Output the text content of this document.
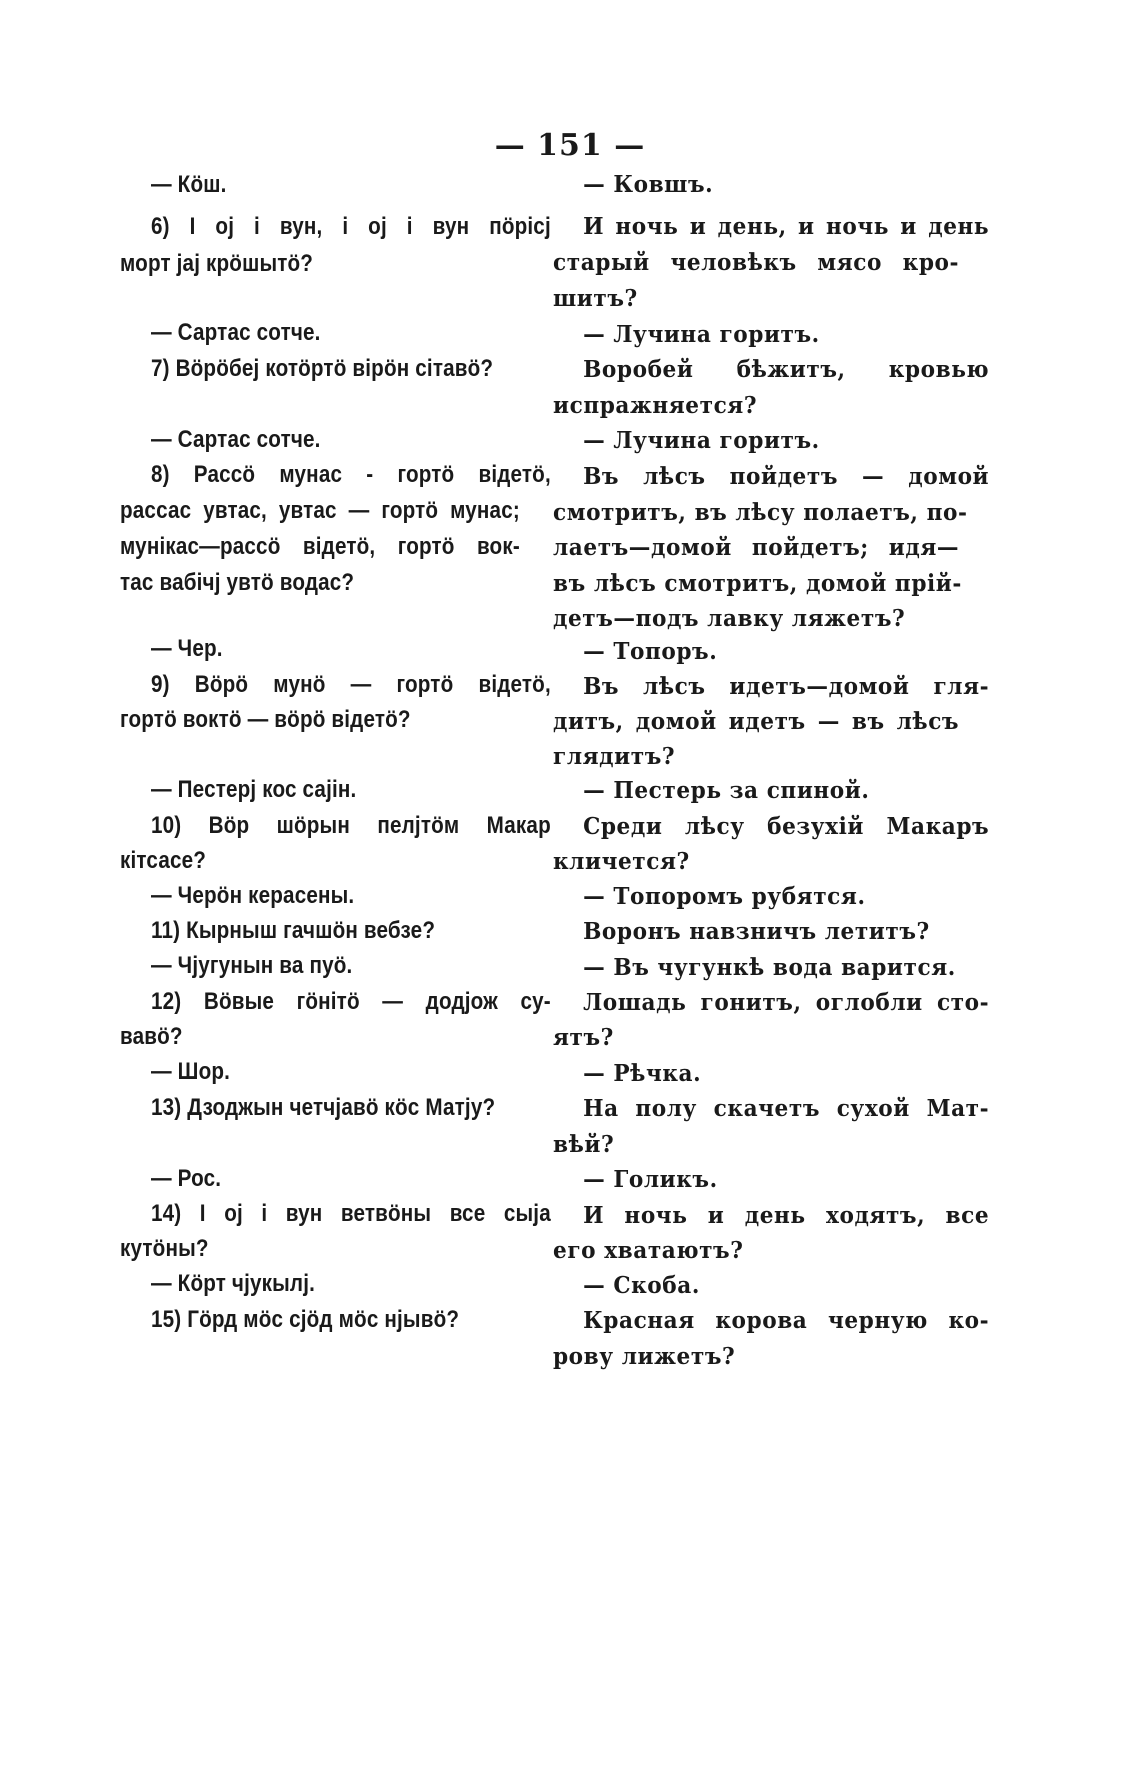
— 151 —
— Кöш.
6) I ој і вун, і ој і вун пöрісј
морт јај крöшытö?
— Сартас сотче.
7) Вöрöбеј котöртö вірöн сітавö?
— Сартас сотче.
8) Рассö мунас - гортö відетö,
рассас увтас, увтас — гортö мунас;
мунікас—рассö відетö, гортö вок-
тас вабічј увтö водас?
— Чер.
9) Вöрö мунö — гортö відетö,
гортö воктö — вöрö відетö?
— Пестерј кос сајін.
10) Вöр шöрын пелјтöм Макар
кітсасе?
— Черöн керасены.
11) Кырныш гачшöн вебзе?
— Чјугунын ва пуö.
12) Вöвые гöнітö — додјож су-
вавö?
— Шор.
13) Дзоджын четчјавö кöс Матју?
— Рос.
14) I ој і вун ветвöны все сыја
кутöны?
— Кöрт чјукылј.
15) Гöрд мöс сјöд мöс нјывö?
— Ковшъ.
И ночь и день, и ночь и день
старый человѣкъ мясо кро-
шитъ?
— Лучина горитъ.
Воробей бѣжитъ, кровью
испражняется?
— Лучина горитъ.
Въ лѣсъ пойдетъ — домой
смотритъ, въ лѣсу полаетъ, по-
лаетъ—домой пойдетъ; идя—
въ лѣсъ смотритъ, домой прій-
детъ—подъ лавку ляжетъ?
— Топоръ.
Въ лѣсъ идетъ—домой гля-
дитъ, домой идетъ — въ лѣсъ
глядитъ?
— Пестерь за спиной.
Среди лѣсу безухій Макаръ
кличется?
— Топоромъ рубятся.
Воронъ навзничъ летитъ?
— Въ чугункѣ вода варится.
Лошадь гонитъ, оглобли сто-
ятъ?
— Рѣчка.
На полу скачетъ сухой Мат-
вѣй?
— Голикъ.
И ночь и день ходятъ, все
его хватаютъ?
— Скоба.
Красная корова черную ко-
рову лижетъ?
